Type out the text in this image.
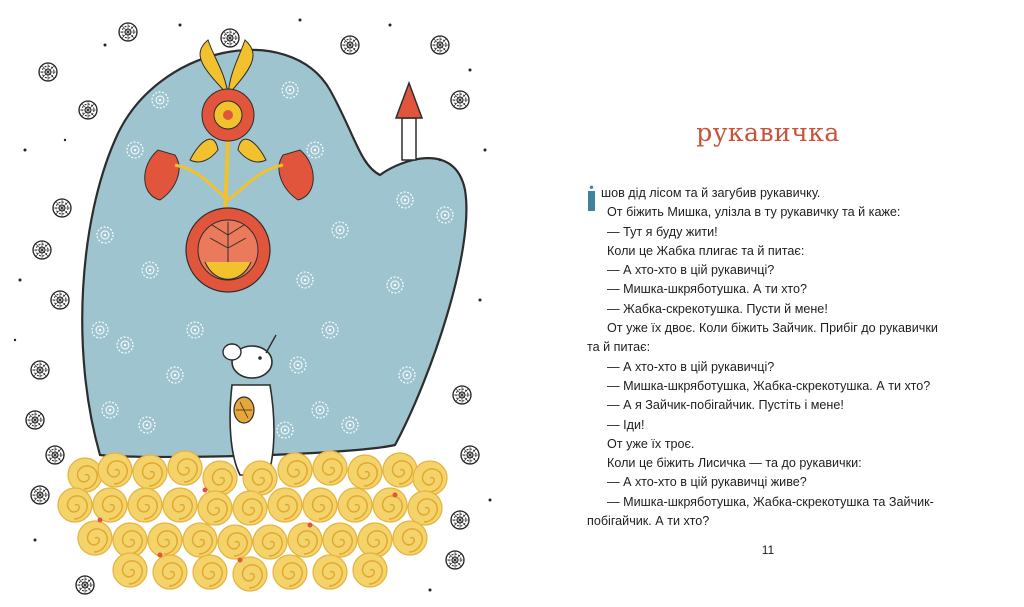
рукавичка
шов дід лісом та й загубив рукавичку.
От біжить Мишка, улізла в ту рукавичку та й каже:
— Тут я буду жити!
Коли це Жабка плигає та й питає:
— А хто-хто в цій рукавичці?
— Мишка-шкряботушка. А ти хто?
— Жабка-скрекотушка. Пусти й мене!
От уже їх двоє. Коли біжить Зайчик. Прибіг до рукавички
та й питає:
— А хто-хто в цій рукавичці?
— Мишка-шкряботушка, Жабка-скрекотушка. А ти хто?
— А я Зайчик-побігайчик. Пустіть і мене!
— Іди!
От уже їх троє.
Коли це біжить Лисичка — та до рукавички:
— А хто-хто в цій рукавичці живе?
— Мишка-шкряботушка, Жабка-скрекотушка та Зайчик-
побігайчик. А ти хто?
11
